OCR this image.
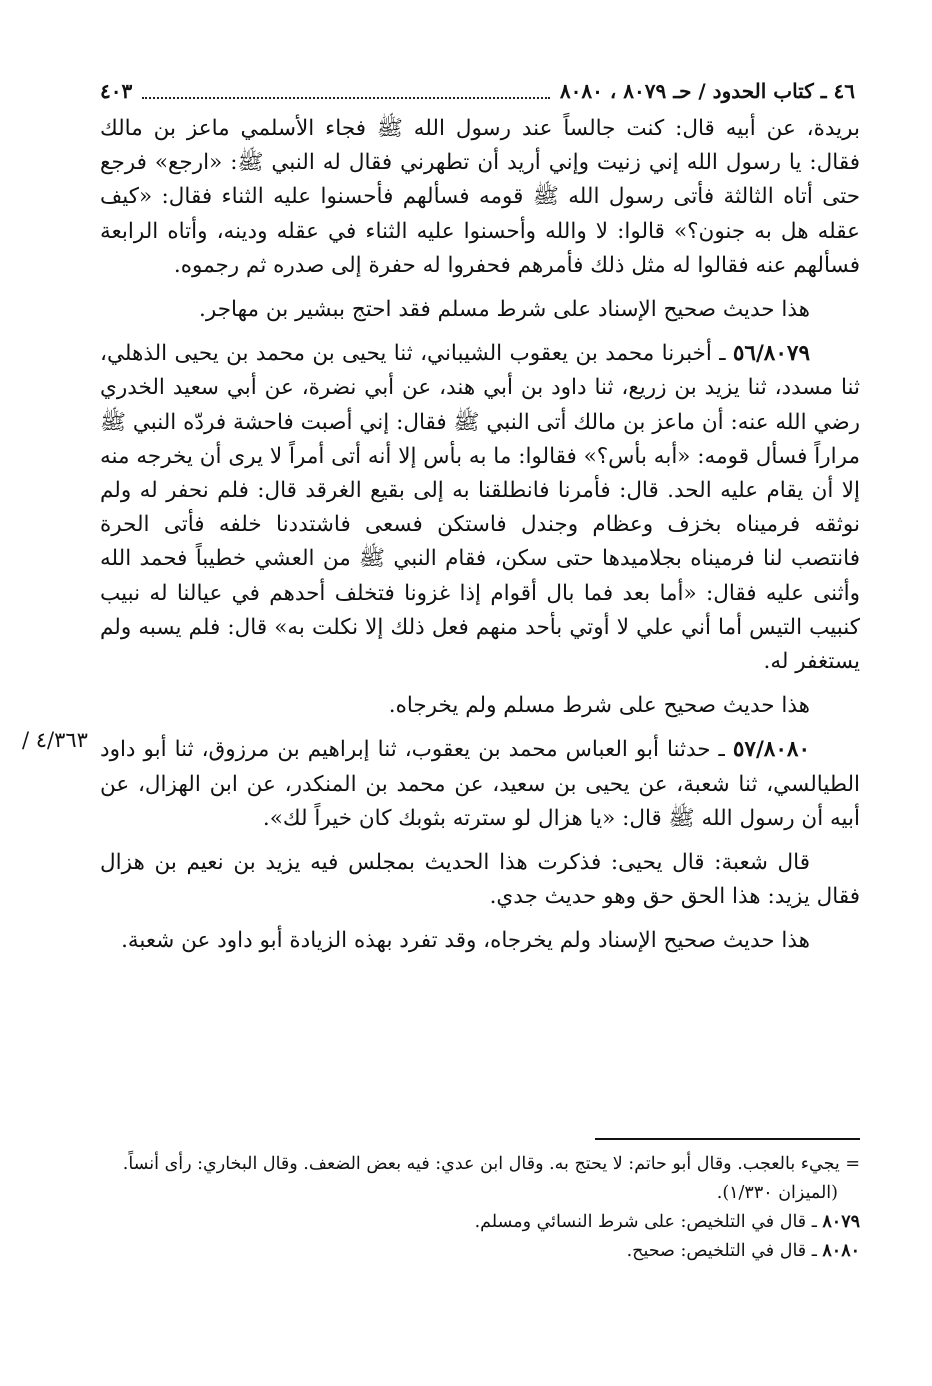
٤٦ ـ كتاب الحدود / حـ ٨٠٧٩ ، ٨٠٨٠
٤٠٣

بريدة، عن أبيه قال: كنت جالساً عند رسول الله ﷺ فجاء الأسلمي ماعز بن مالك فقال: يا رسول الله إني زنيت وإني أريد أن تطهرني فقال له النبي ﷺ: «ارجع» فرجع حتى أتاه الثالثة فأتى رسول الله ﷺ قومه فسألهم فأحسنوا عليه الثناء فقال: «كيف عقله هل به جنون؟» قالوا: لا والله وأحسنوا عليه الثناء في عقله ودينه، وأتاه الرابعة فسألهم عنه فقالوا له مثل ذلك فأمرهم فحفروا له حفرة إلى صدره ثم رجموه.

هذا حديث صحيح الإسناد على شرط مسلم فقد احتج ببشير بن مهاجر.

٥٦/٨٠٧٩ ـ أخبرنا محمد بن يعقوب الشيباني، ثنا يحيى بن محمد بن يحيى الذهلي، ثنا مسدد، ثنا يزيد بن زريع، ثنا داود بن أبي هند، عن أبي نضرة، عن أبي سعيد الخدري رضي الله عنه: أن ماعز بن مالك أتى النبي ﷺ فقال: إني أصبت فاحشة فردّه النبي ﷺ مراراً فسأل قومه: «أبه بأس؟» فقالوا: ما به بأس إلا أنه أتى أمراً لا يرى أن يخرجه منه إلا أن يقام عليه الحد. قال: فأمرنا فانطلقنا به إلى بقيع الغرقد قال: فلم نحفر له ولم نوثقه فرميناه بخزف وعظام وجندل فاستكن فسعى فاشتددنا خلفه فأتى الحرة فانتصب لنا فرميناه بجلاميدها حتى سكن، فقام النبي ﷺ من العشي خطيباً فحمد الله وأثنى عليه فقال: «أما بعد فما بال أقوام إذا غزونا فتخلف أحدهم في عيالنا له نبيب كنبيب التيس أما أني علي لا أوتي بأحد منهم فعل ذلك إلا نكلت به» قال: فلم يسبه ولم يستغفر له.

هذا حديث صحيح على شرط مسلم ولم يخرجاه.

٥٧/٨٠٨٠ ـ حدثنا أبو العباس محمد بن يعقوب، ثنا إبراهيم بن مرزوق، ثنا أبو داود الطيالسي، ثنا شعبة، عن يحيى بن سعيد، عن محمد بن المنكدر، عن ابن الهزال، عن أبيه أن رسول الله ﷺ قال: «يا هزال لو سترته بثوبك كان خيراً لك».

قال شعبة: قال يحيى: فذكرت هذا الحديث بمجلس فيه يزيد بن نعيم بن هزال فقال يزيد: هذا الحق حق وهو حديث جدي.

هذا حديث صحيح الإسناد ولم يخرجاه، وقد تفرد بهذه الزيادة أبو داود عن شعبة.

٤/٣٦٣ /

= يجيء بالعجب. وقال أبو حاتم: لا يحتج به. وقال ابن عدي: فيه بعض الضعف. وقال البخاري: رأى أنساً.

(الميزان ١/٣٣٠).

٨٠٧٩ ـ قال في التلخيص: على شرط النسائي ومسلم.

٨٠٨٠ ـ قال في التلخيص: صحيح.
